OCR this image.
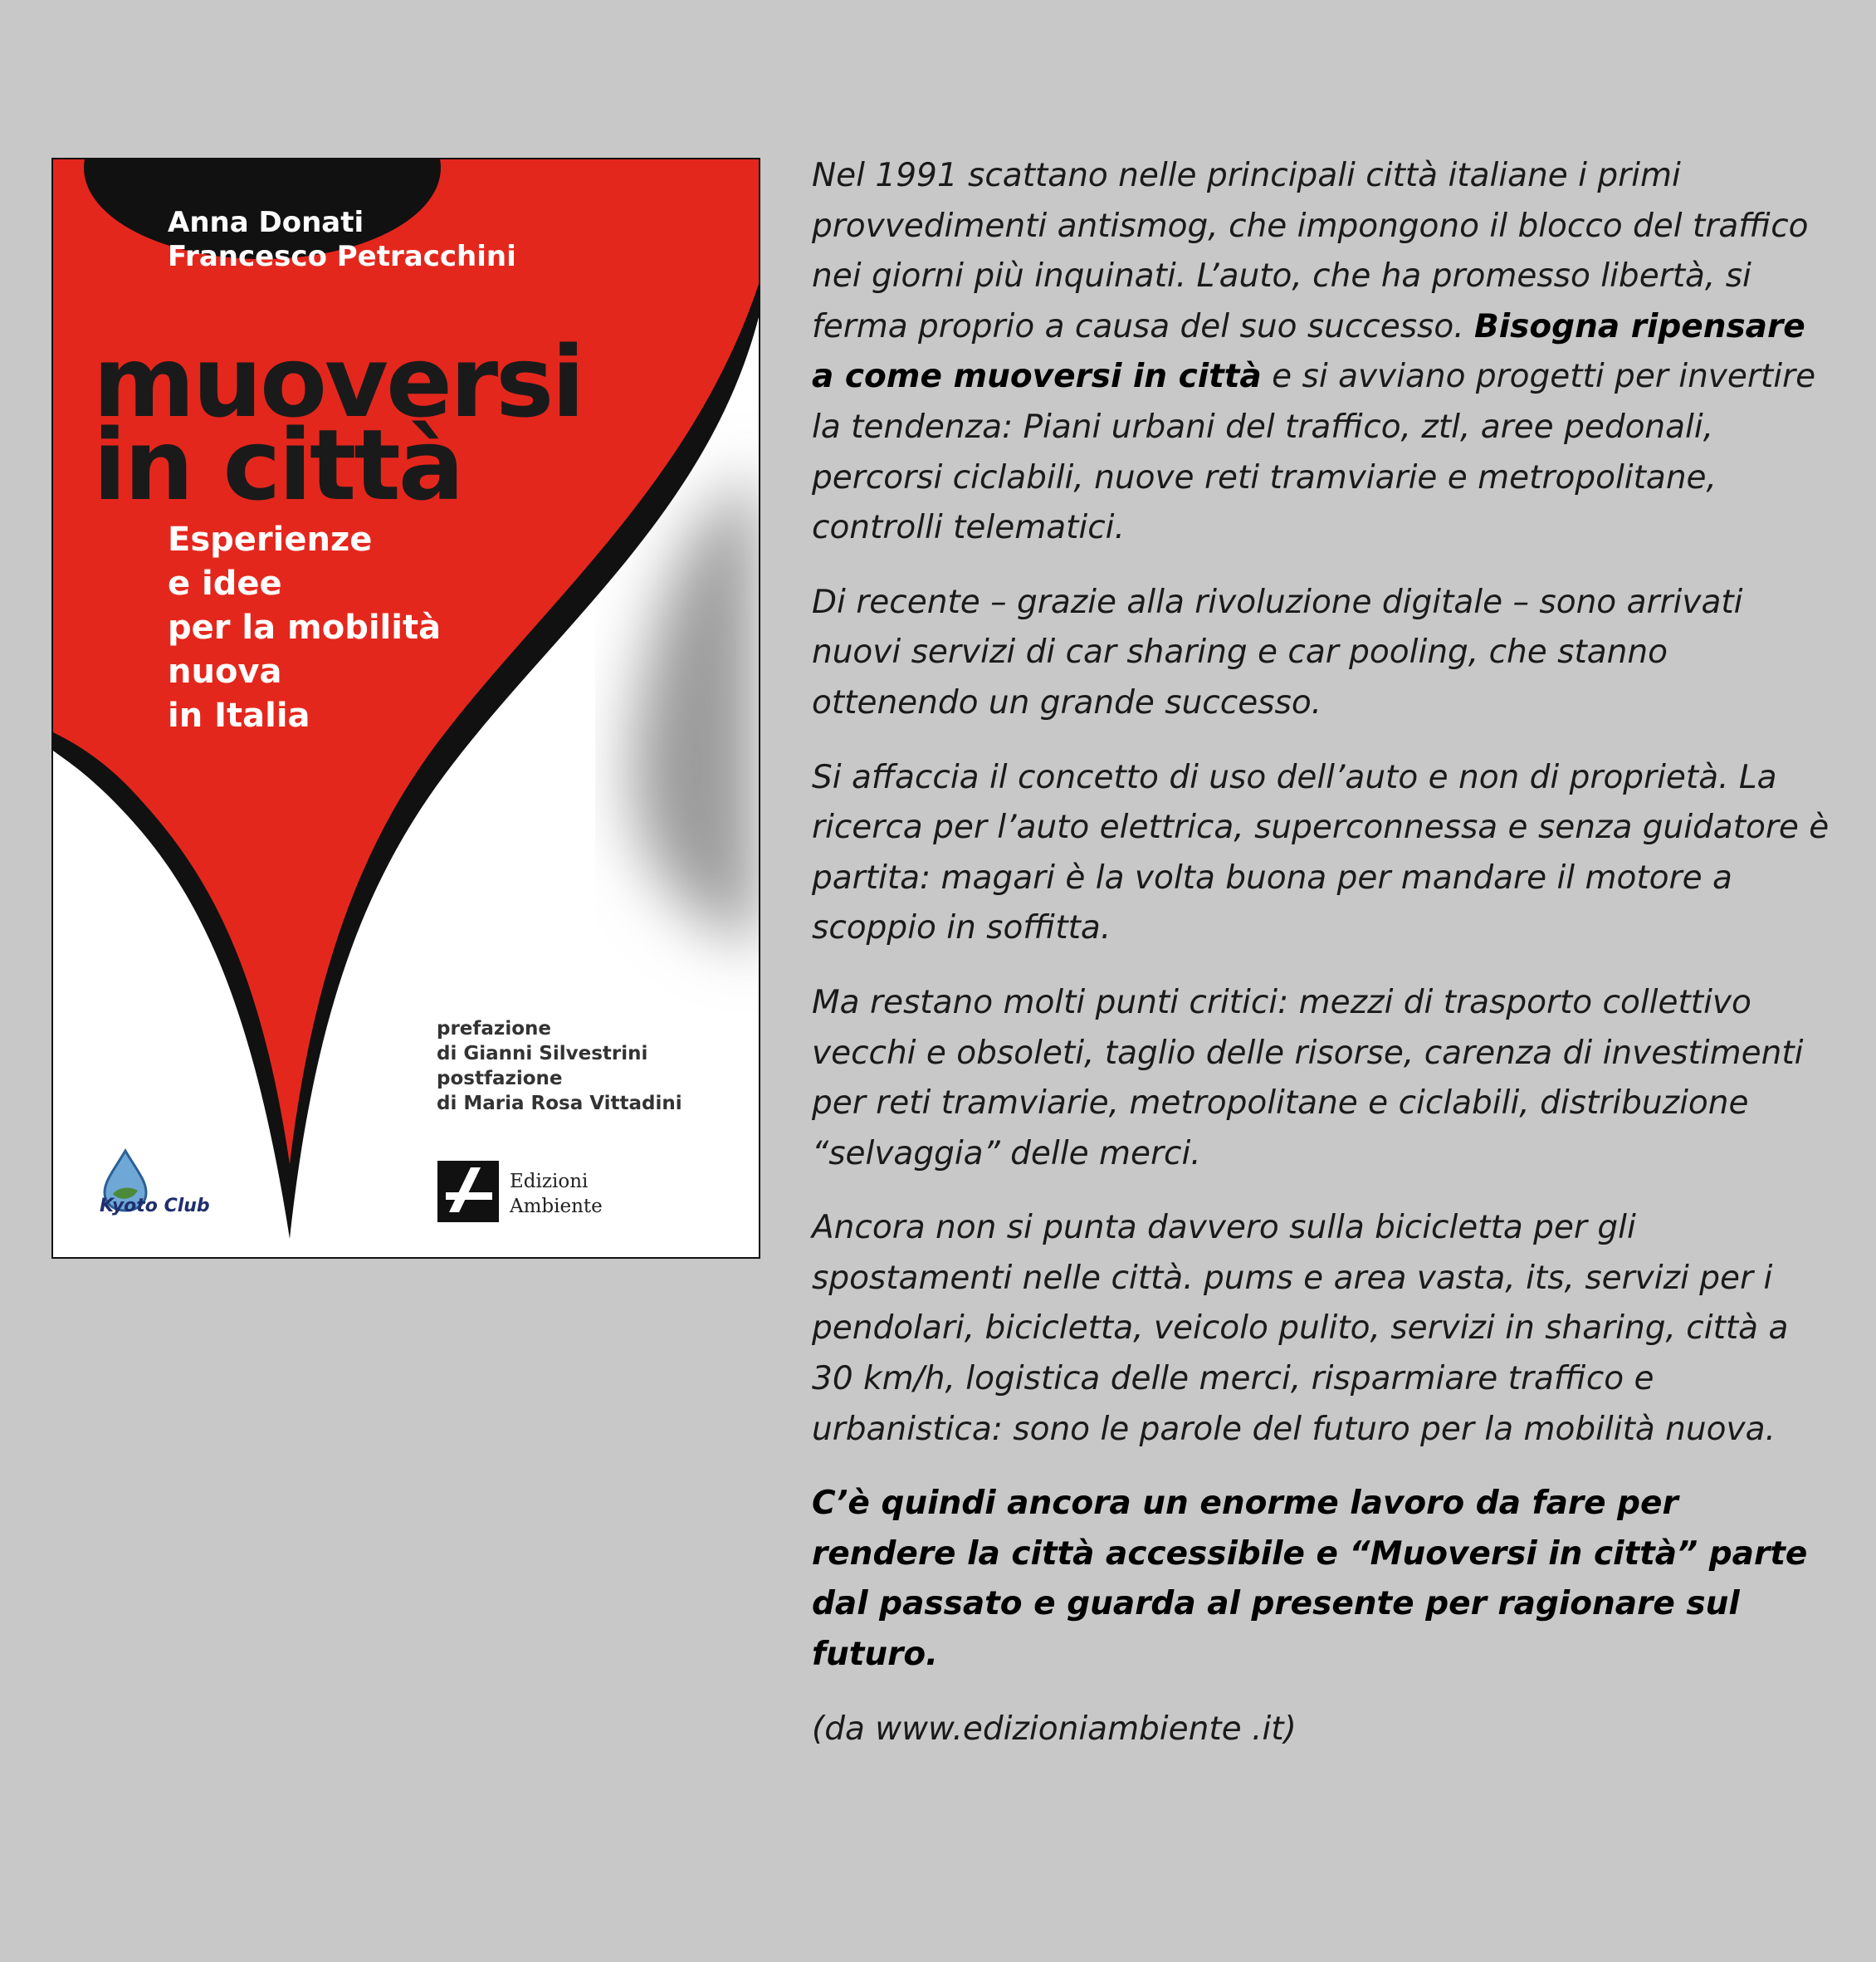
Anna Donati
Francesco Petracchini

muoversi
in città

Esperienze
e idee
per la mobilità
nuova
in Italia

prefazione
di Gianni Silvestrini
postfazione
di Maria Rosa Vittadini

Kyoto Club

Edizioni
Ambiente

Nel 1991 scattano nelle principali città italiane i primi provvedimenti antismog, che impongono il blocco del traffico nei giorni più inquinati. L’auto, che ha promesso libertà, si ferma proprio a causa del suo successo. Bisogna ripensare a come muoversi in città e si avviano progetti per invertire la tendenza: Piani urbani del traffico, ztl, aree pedonali, percorsi ciclabili, nuove reti tramviarie e metropolitane, controlli telematici.

Di recente – grazie alla rivoluzione digitale – sono arrivati nuovi servizi di car sharing e car pooling, che stanno ottenendo un grande successo.

Si affaccia il concetto di uso dell’auto e non di proprietà. La ricerca per l’auto elettrica, superconnessa e senza guidatore è partita: magari è la volta buona per mandare il motore a scoppio in soffitta.

Ma restano molti punti critici: mezzi di trasporto collettivo vecchi e obsoleti, taglio delle risorse, carenza di investimenti per reti tramviarie, metropolitane e ciclabili, distribuzione “selvaggia” delle merci.

Ancora non si punta davvero sulla bicicletta per gli spostamenti nelle città. pums e area vasta, its, servizi per i pendolari, bicicletta, veicolo pulito, servizi in sharing, città a 30 km/h, logistica delle merci, risparmiare traffico e urbanistica: sono le parole del futuro per la mobilità nuova.

C’è quindi ancora un enorme lavoro da fare per rendere la città accessibile e “Muoversi in città” parte dal passato e guarda al presente per ragionare sul futuro.

(da www.edizioniambiente .it)
